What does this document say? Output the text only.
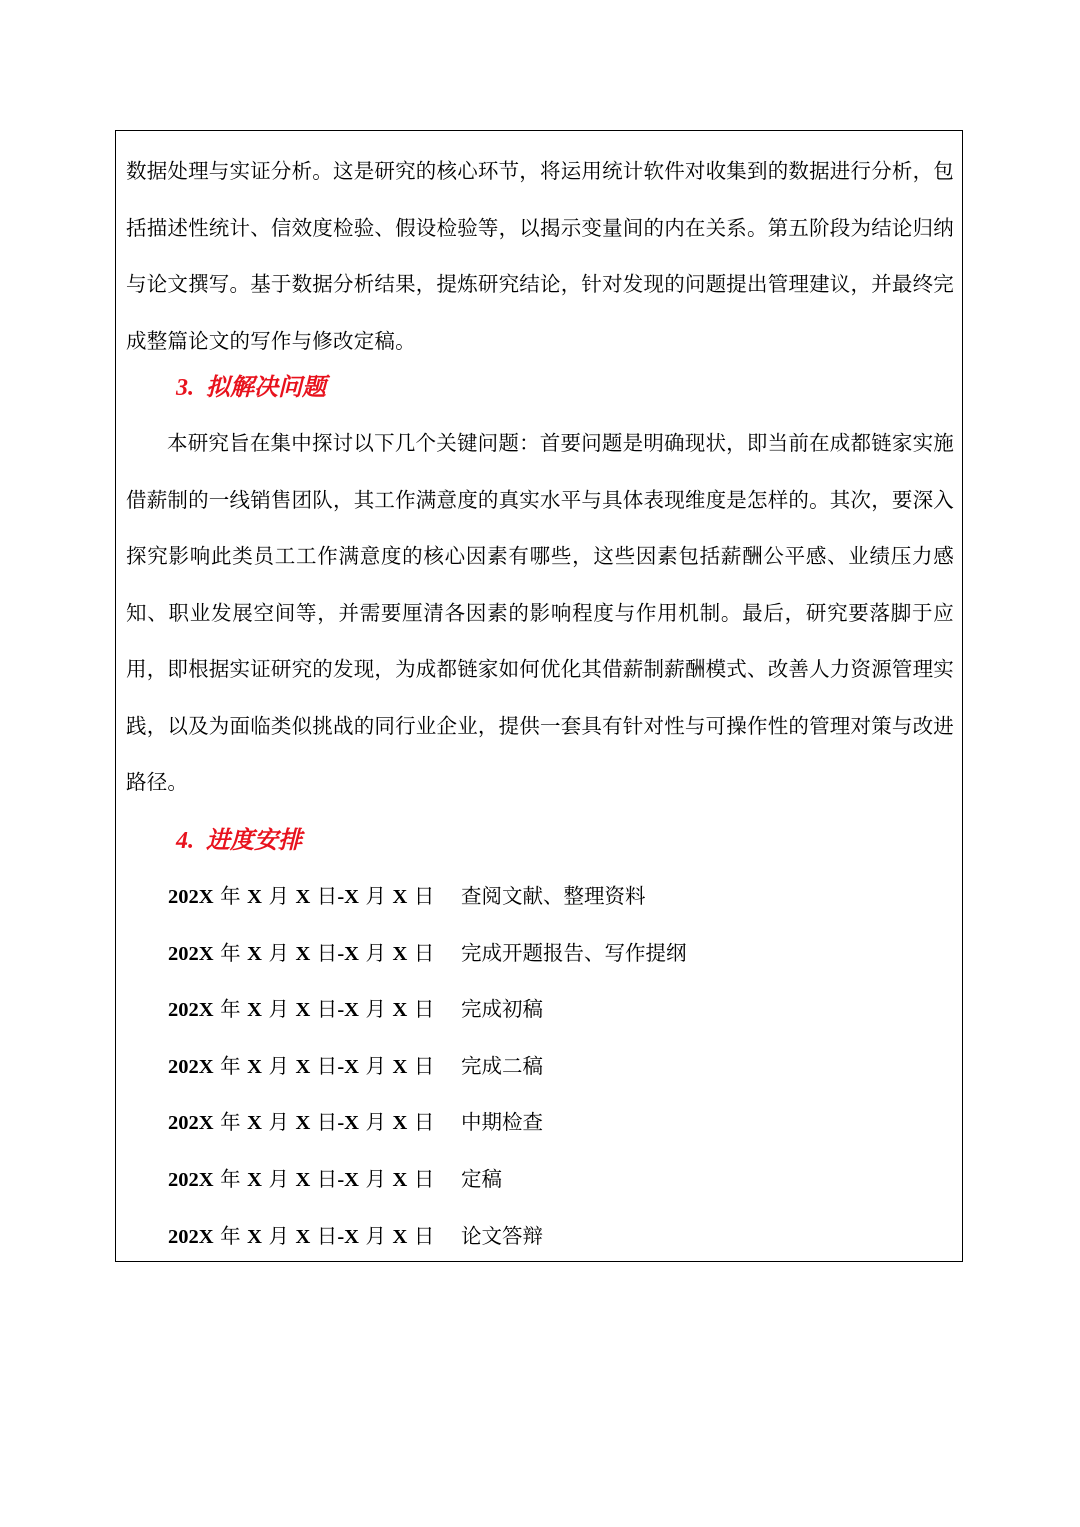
数据处理与实证分析。这是研究的核心环节，将运用统计软件对收集到的数据进行分析，包括描述性统计、信效度检验、假设检验等，以揭示变量间的内在关系。第五阶段为结论归纳与论文撰写。基于数据分析结果，提炼研究结论，针对发现的问题提出管理建议，并最终完成整篇论文的写作与修改定稿。

3. 拟解决问题

本研究旨在集中探讨以下几个关键问题：首要问题是明确现状，即当前在成都链家实施借薪制的一线销售团队，其工作满意度的真实水平与具体表现维度是怎样的。其次，要深入探究影响此类员工工作满意度的核心因素有哪些，这些因素包括薪酬公平感、业绩压力感知、职业发展空间等，并需要厘清各因素的影响程度与作用机制。最后，研究要落脚于应用，即根据实证研究的发现，为成都链家如何优化其借薪制薪酬模式、改善人力资源管理实践，以及为面临类似挑战的同行业企业，提供一套具有针对性与可操作性的管理对策与改进路径。

4. 进度安排
202X 年 X 月 X 日-X 月 X 日 查阅文献、整理资料
202X 年 X 月 X 日-X 月 X 日 完成开题报告、写作提纲
202X 年 X 月 X 日-X 月 X 日 完成初稿
202X 年 X 月 X 日-X 月 X 日 完成二稿
202X 年 X 月 X 日-X 月 X 日 中期检查
202X 年 X 月 X 日-X 月 X 日 定稿
202X 年 X 月 X 日-X 月 X 日 论文答辩
